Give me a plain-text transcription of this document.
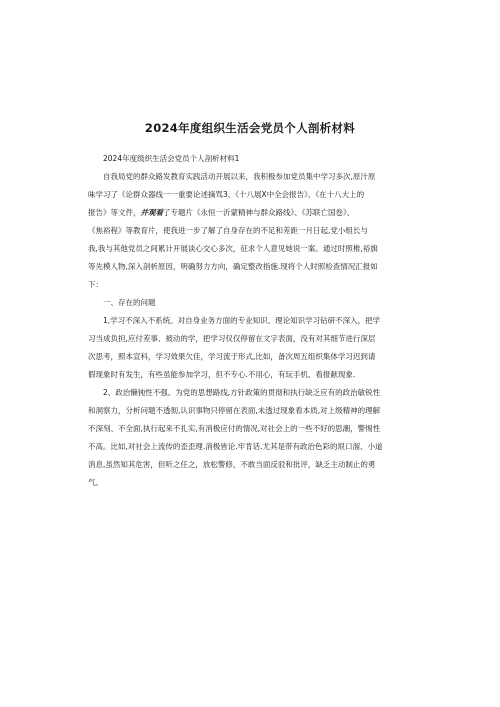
2024年度组织生活会党员个人剖析材料
2024年度级织生活会党员个人剖析材料1
自我局党的群众路发教育实践活动开展以来，我积极参加党员集中学习多次,原汁原
味学习了《论群众器线一一重要论述摘骂3、《十八展X中全会报告》、《在十八大上的
报告》等文件，并观看了专题片《永恒一沂蒙精神与群众路线》、《苏联亡国卷》、
《焦裕程》等教育片，使我进一步了解了自身存在的不足和差距一月日起,党小组长与
我,我与其他党员之间累计开展谈心交心多次，征求个人意见她说一案。通过时照椎,裕旗
等先模人物,深入剖析原因，明确努力方向，确定整改指施.现将个人时照检查情况汇报如
下：
一、存在的问题
1,学习不深入不系统。对自身业务方面的专业知识、理论知识学习钻研不深入，把学
习当成负担,应付差事、被动的学，把学习仅仅停留在文字表面，没有对其细节进行深层
次思考，照本宣科，学习效果欠佳，学习流于形式,比如，备次周五组织集体学习迟到请
假现象时有发生，有些虽能参加学习，但不专心.不用心，有玩手机、看报献现象.
2、政治懒钝性不强。为党的思想路线,方针政策的贯彻和执行缺乏应有的政治敏锐性
和洞察力，分析问题不透彻,认识事物只停留在表面,未透过现象看本质,对上级精神的理解
不深刻、不全面,执行起来不扎实,有消极应付的情况,对社会上的一些不好的思潮，警惕性
不高。比如,对社会上流传的歪歪理.消极皆论.牢肯话.尤其是带有政治色彩的垠口溜、小道
消息,虽然知其危害，但听之任之，放松警修，不敢当面反驳和批评，缺乏主动制止的勇
气。
